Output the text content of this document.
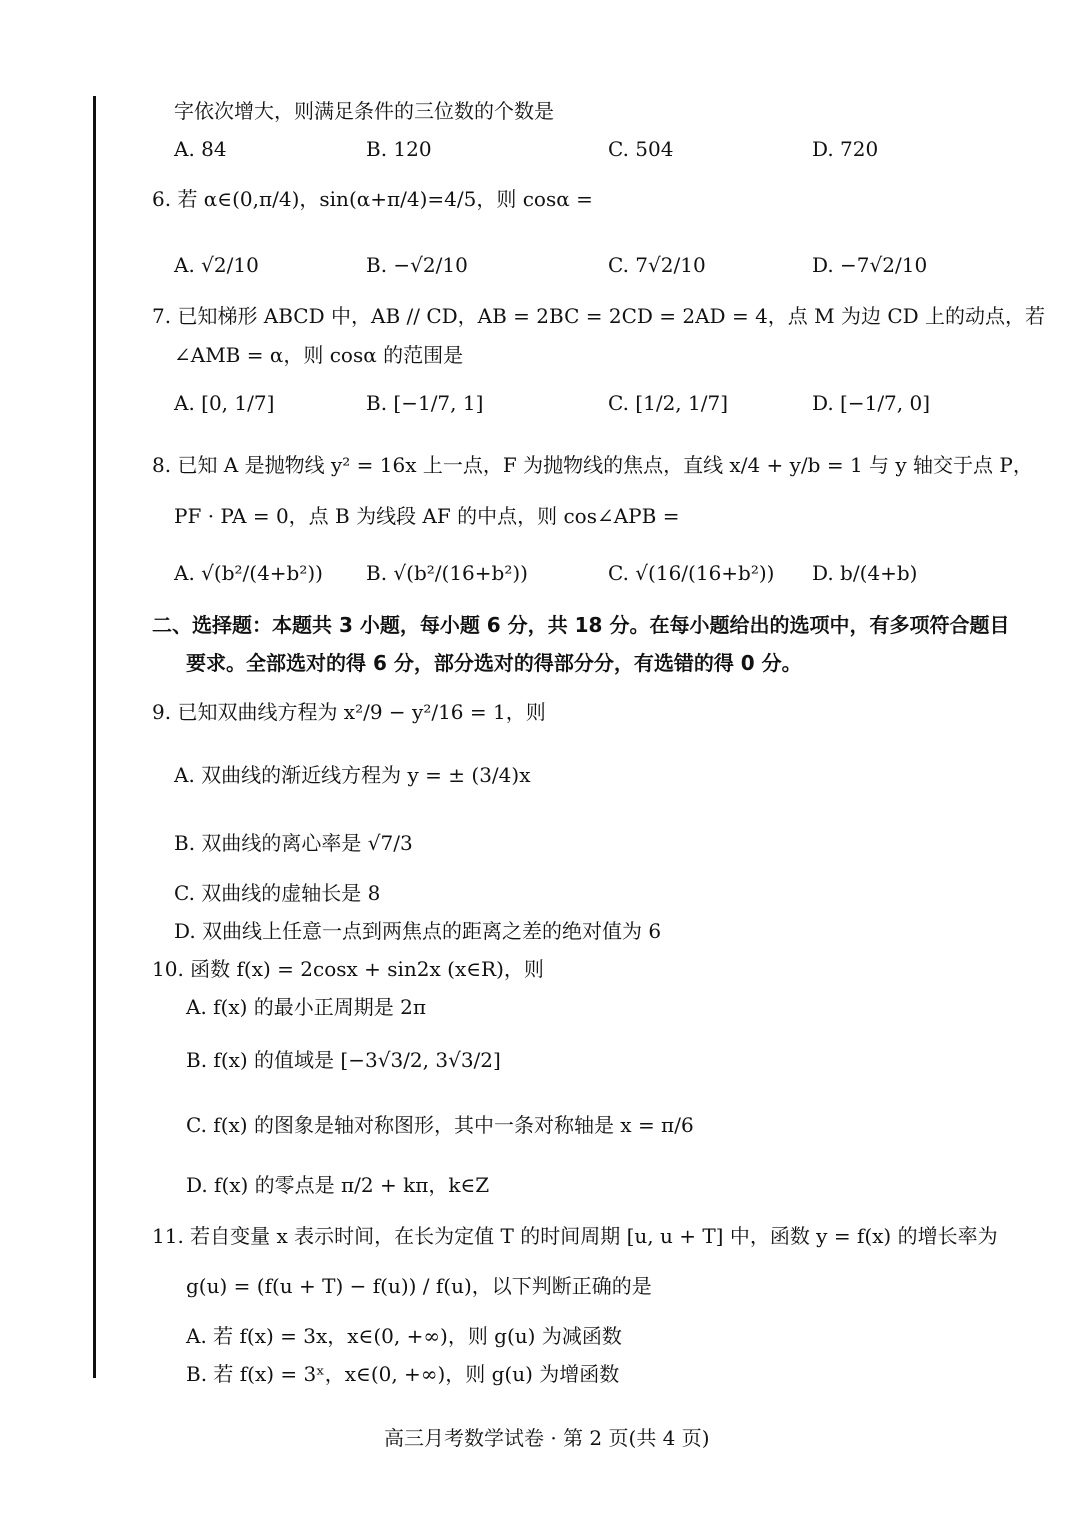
字依次增大，则满足条件的三位数的个数是
A. 84	B. 120	C. 504	D. 720
6. 若 α∈(0,π/4)，sin(α+π/4)=4/5，则 cosα =
A. √2/10	B. −√2/10	C. 7√2/10	D. −7√2/10
7. 已知梯形 ABCD 中，AB // CD，AB = 2BC = 2CD = 2AD = 4，点 M 为边 CD 上的动点，若
∠AMB = α，则 cosα 的范围是
A. [0, 1/7]	B. [−1/7, 1]	C. [1/2, 1/7]	D. [−1/7, 0]
8. 已知 A 是抛物线 y² = 16x 上一点，F 为抛物线的焦点，直线 x/4 + y/b = 1 与 y 轴交于点 P，
PF · PA = 0，点 B 为线段 AF 的中点，则 cos∠APB =
A. √(b²/(4+b²)) B. √(b²/(16+b²))	C. √(16/(16+b²)) D. b/(4+b)
二、选择题：本题共 3 小题，每小题 6 分，共 18 分。在每小题给出的选项中，有多项符合题目
要求。全部选对的得 6 分，部分选对的得部分分，有选错的得 0 分。
9. 已知双曲线方程为 x²/9 − y²/16 = 1，则
A. 双曲线的渐近线方程为 y = ± (3/4)x
B. 双曲线的离心率是 √7/3
C. 双曲线的虚轴长是 8
D. 双曲线上任意一点到两焦点的距离之差的绝对值为 6
10. 函数 f(x) = 2cosx + sin2x (x∈R)，则
A. f(x) 的最小正周期是 2π
B. f(x) 的值域是 [−3√3/2, 3√3/2]
C. f(x) 的图象是轴对称图形，其中一条对称轴是 x = π/6
D. f(x) 的零点是 π/2 + kπ，k∈Z
11. 若自变量 x 表示时间，在长为定值 T 的时间周期 [u, u + T] 中，函数 y = f(x) 的增长率为
g(u) = (f(u + T) − f(u)) / f(u)，以下判断正确的是
A. 若 f(x) = 3x，x∈(0, +∞)，则 g(u) 为减函数
B. 若 f(x) = 3ˣ，x∈(0, +∞)，则 g(u) 为增函数
高三月考数学试卷 · 第 2 页(共 4 页)
